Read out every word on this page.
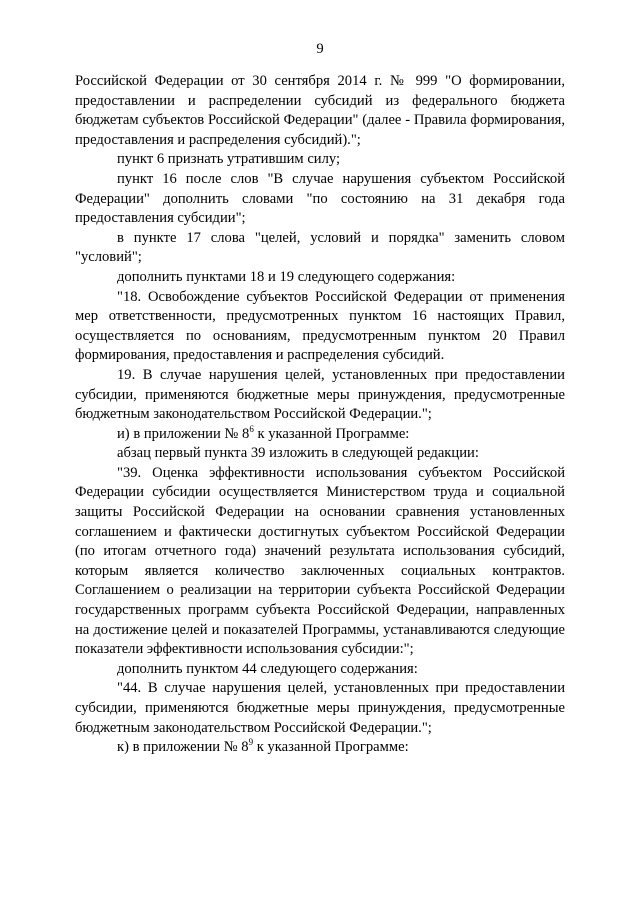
9

Российской Федерации от 30 сентября 2014 г. № 999 "О формировании, предоставлении и распределении субсидий из федерального бюджета бюджетам субъектов Российской Федерации" (далее - Правила формирования, предоставления и распределения субсидий).";

пункт 6 признать утратившим силу;

пункт 16 после слов "В случае нарушения субъектом Российской Федерации" дополнить словами "по состоянию на 31 декабря года предоставления субсидии";

в пункте 17 слова "целей, условий и порядка" заменить словом "условий";

дополнить пунктами 18 и 19 следующего содержания:

"18. Освобождение субъектов Российской Федерации от применения мер ответственности, предусмотренных пунктом 16 настоящих Правил, осуществляется по основаниям, предусмотренным пунктом 20 Правил формирования, предоставления и распределения субсидий.

19. В случае нарушения целей, установленных при предоставлении субсидии, применяются бюджетные меры принуждения, предусмотренные бюджетным законодательством Российской Федерации.";

и) в приложении № $8^6$ к указанной Программе:

абзац первый пункта 39 изложить в следующей редакции:

"39. Оценка эффективности использования субъектом Российской Федерации субсидии осуществляется Министерством труда и социальной защиты Российской Федерации на основании сравнения установленных соглашением и фактически достигнутых субъектом Российской Федерации (по итогам отчетного года) значений результата использования субсидий, которым является количество заключенных социальных контрактов. Соглашением о реализации на территории субъекта Российской Федерации государственных программ субъекта Российской Федерации, направленных на достижение целей и показателей Программы, устанавливаются следующие показатели эффективности использования субсидии:";

дополнить пунктом 44 следующего содержания:

"44. В случае нарушения целей, установленных при предоставлении субсидии, применяются бюджетные меры принуждения, предусмотренные бюджетным законодательством Российской Федерации.";

к) в приложении № $8^9$ к указанной Программе:
